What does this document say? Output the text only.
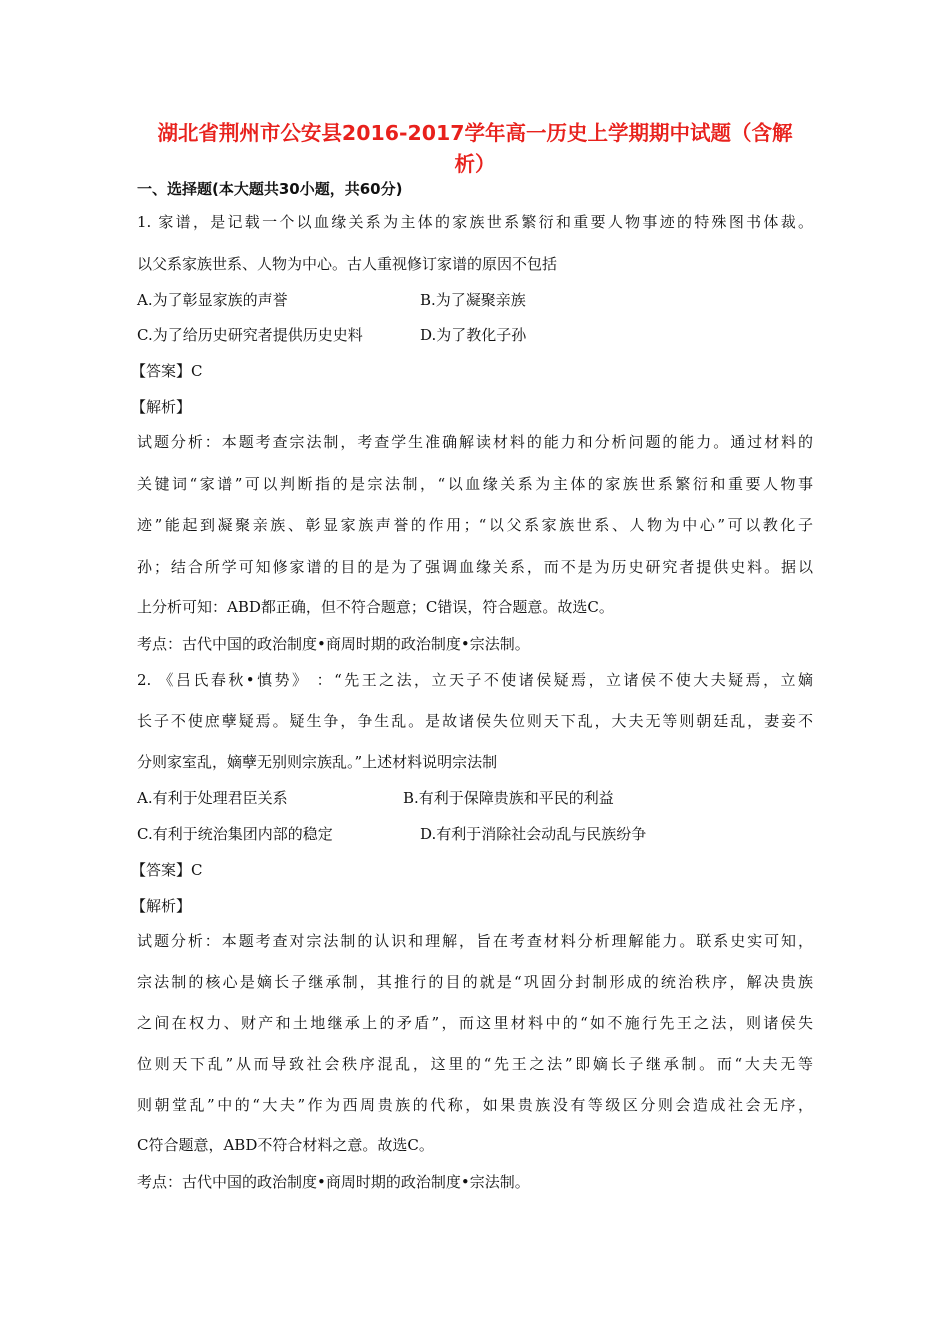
湖北省荆州市公安县2016-2017学年高一历史上学期期中试题（含解
析）
一、选择题(本大题共30小题，共60分)
1. 家谱，是记载一个以血缘关系为主体的家族世系繁衍和重要人物事迹的特殊图书体裁。
以父系家族世系、人物为中心。古人重视修订家谱的原因不包括
A.为了彰显家族的声誉	B.为了凝聚亲族
C.为了给历史研究者提供历史史料	D.为了教化子孙
【答案】C
【解析】
试题分析：本题考查宗法制，考查学生准确解读材料的能力和分析问题的能力。通过材料的
关键词“家谱”可以判断指的是宗法制，“以血缘关系为主体的家族世系繁衍和重要人物事
迹”能起到凝聚亲族、彰显家族声誉的作用；“以父系家族世系、人物为中心”可以教化子
孙；结合所学可知修家谱的目的是为了强调血缘关系，而不是为历史研究者提供史料。据以
上分析可知：ABD都正确，但不符合题意；C错误，符合题意。故选C。
考点：古代中国的政治制度•商周时期的政治制度•宗法制。
2. 《吕氏春秋•慎势》 ：“先王之法，立天子不使诸侯疑焉，立诸侯不使大夫疑焉，立嫡
长子不使庶孽疑焉。疑生争，争生乱。是故诸侯失位则天下乱，大夫无等则朝廷乱，妻妾不
分则家室乱，嫡孽无别则宗族乱。”上述材料说明宗法制
A.有利于处理君臣关系	B.有利于保障贵族和平民的利益
C.有利于统治集团内部的稳定	D.有利于消除社会动乱与民族纷争
【答案】C
【解析】
试题分析：本题考查对宗法制的认识和理解，旨在考查材料分析理解能力。联系史实可知，
宗法制的核心是嫡长子继承制，其推行的目的就是“巩固分封制形成的统治秩序，解决贵族
之间在权力、财产和土地继承上的矛盾”，而这里材料中的“如不施行先王之法，则诸侯失
位则天下乱”从而导致社会秩序混乱，这里的“先王之法”即嫡长子继承制。而“大夫无等
则朝堂乱”中的“大夫”作为西周贵族的代称，如果贵族没有等级区分则会造成社会无序，
C符合题意，ABD不符合材料之意。故选C。
考点：古代中国的政治制度•商周时期的政治制度•宗法制。
